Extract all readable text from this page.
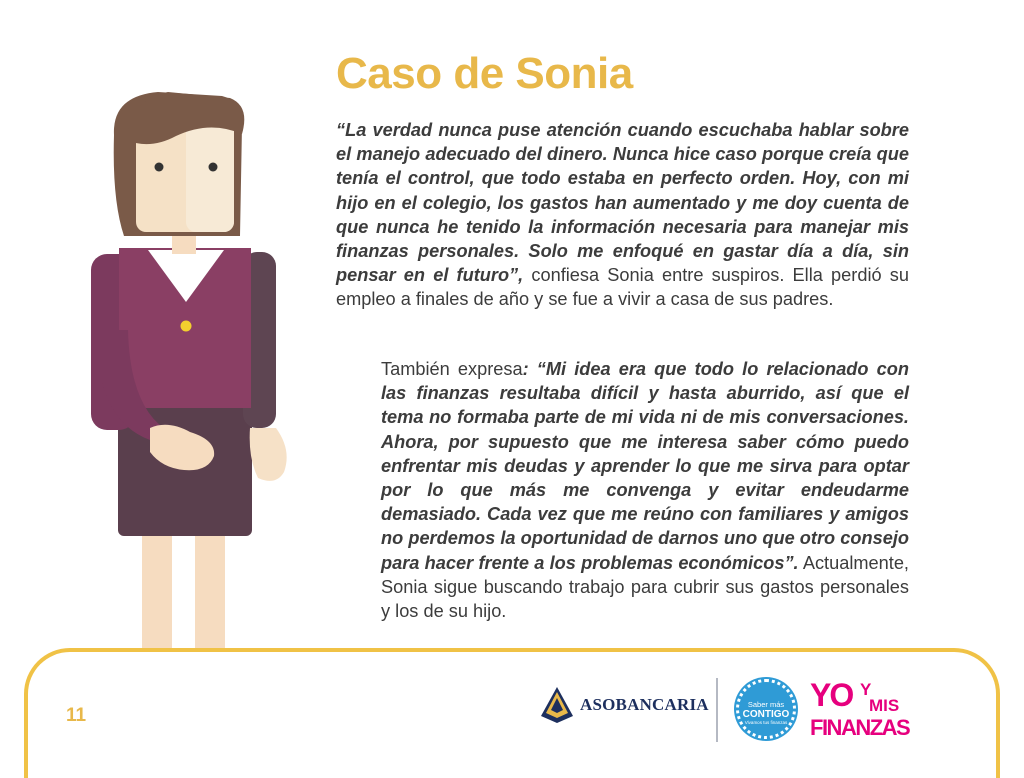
Caso de Sonia
“La verdad nunca puse atención cuando escuchaba hablar sobre el manejo adecuado del dinero. Nunca hice caso porque creía que tenía el control, que todo estaba en perfecto orden. Hoy, con mi hijo en el colegio, los gastos han aumentado y me doy cuenta de que nunca he tenido la información necesaria para manejar mis finanzas personales. Solo me enfoqué en gastar día a día, sin pensar en el futuro”, confiesa Sonia entre suspiros. Ella perdió su empleo a finales de año y se fue a vivir a casa de sus padres.
También expresa: “Mi idea era que todo lo relacionado con las finanzas resultaba difícil y hasta aburrido, así que el tema no formaba parte de mi vida ni de mis conversaciones. Ahora, por supuesto que me interesa saber cómo puedo enfrentar mis deudas y aprender lo que me sirva para optar por lo que más me convenga y evitar endeudarme demasiado. Cada vez que me reúno con familiares y amigos no perdemos la oportunidad de darnos uno que otro consejo para hacer frente a los problemas económicos”. Actualmente, Sonia sigue buscando trabajo para cubrir sus gastos personales y los de su hijo.
11
ASOBANCARIA	Saber más
CONTIGO
Vivamos tus finanzas
YO Y
MIS
FINANZAS
